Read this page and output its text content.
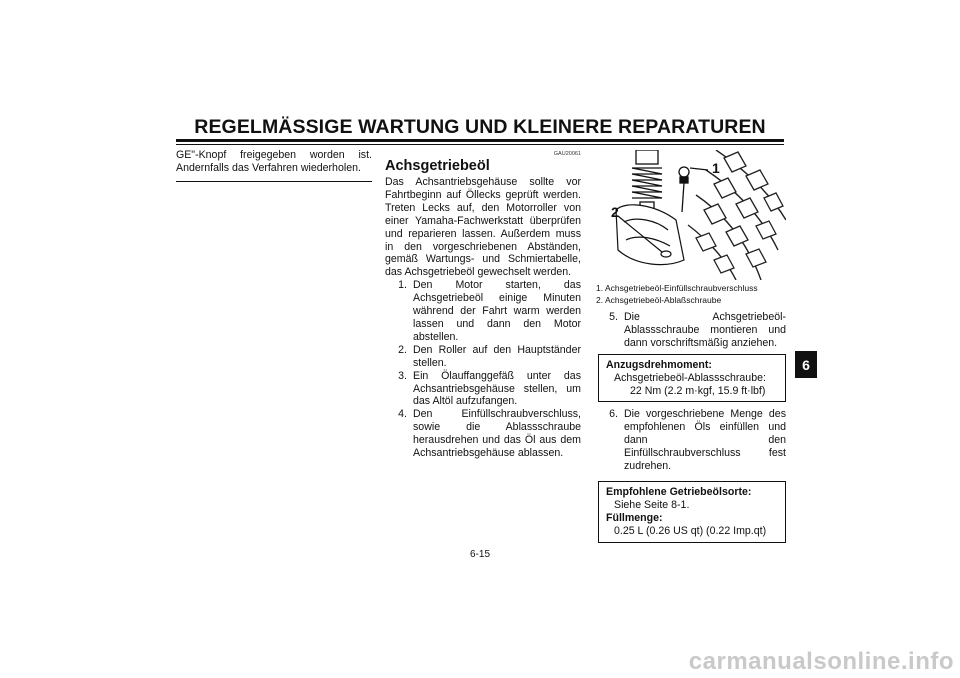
REGELMÄSSIGE WARTUNG UND KLEINERE REPARATUREN
GE"-Knopf freigegeben worden ist. Andernfalls das Verfahren wiederholen.
GAU20061
Achsgetriebeöl
Das Achsantriebsgehäuse sollte vor Fahrtbeginn auf Öllecks geprüft werden. Treten Lecks auf, den Motorroller von einer Yamaha-Fachwerkstatt überprüfen und reparieren lassen. Außerdem muss in den vorgeschriebenen Abständen, gemäß Wartungs- und Schmiertabelle, das Achsgetriebeöl gewechselt werden.
1. Den Motor starten, das Achsgetriebeöl einige Minuten während der Fahrt warm werden lassen und dann den Motor abstellen.
2. Den Roller auf den Hauptständer stellen.
3. Ein Ölauffanggefäß unter das Achsantriebsgehäuse stellen, um das Altöl aufzufangen.
4. Den Einfüllschraubverschluss, sowie die Ablassschraube herausdrehen und das Öl aus dem Achsantriebsgehäuse ablassen.
1
2
1. Achsgetriebeöl-Einfüllschraubverschluss
2. Achsgetriebeöl-Ablaßschraube
5. Die Achsgetriebeöl-Ablassschraube montieren und dann vorschriftsmäßig anziehen.
Anzugsdrehmoment:
Achsgetriebeöl-Ablassschraube:
22 Nm (2.2 m·kgf, 15.9 ft·lbf)
6. Die vorgeschriebene Menge des empfohlenen Öls einfüllen und dann den Einfüllschraubverschluss fest zudrehen.
Empfohlene Getriebeölsorte:
Siehe Seite 8-1.
Füllmenge:
0.25 L (0.26 US qt) (0.22 Imp.qt)
6
6-15
carmanualsonline.info
